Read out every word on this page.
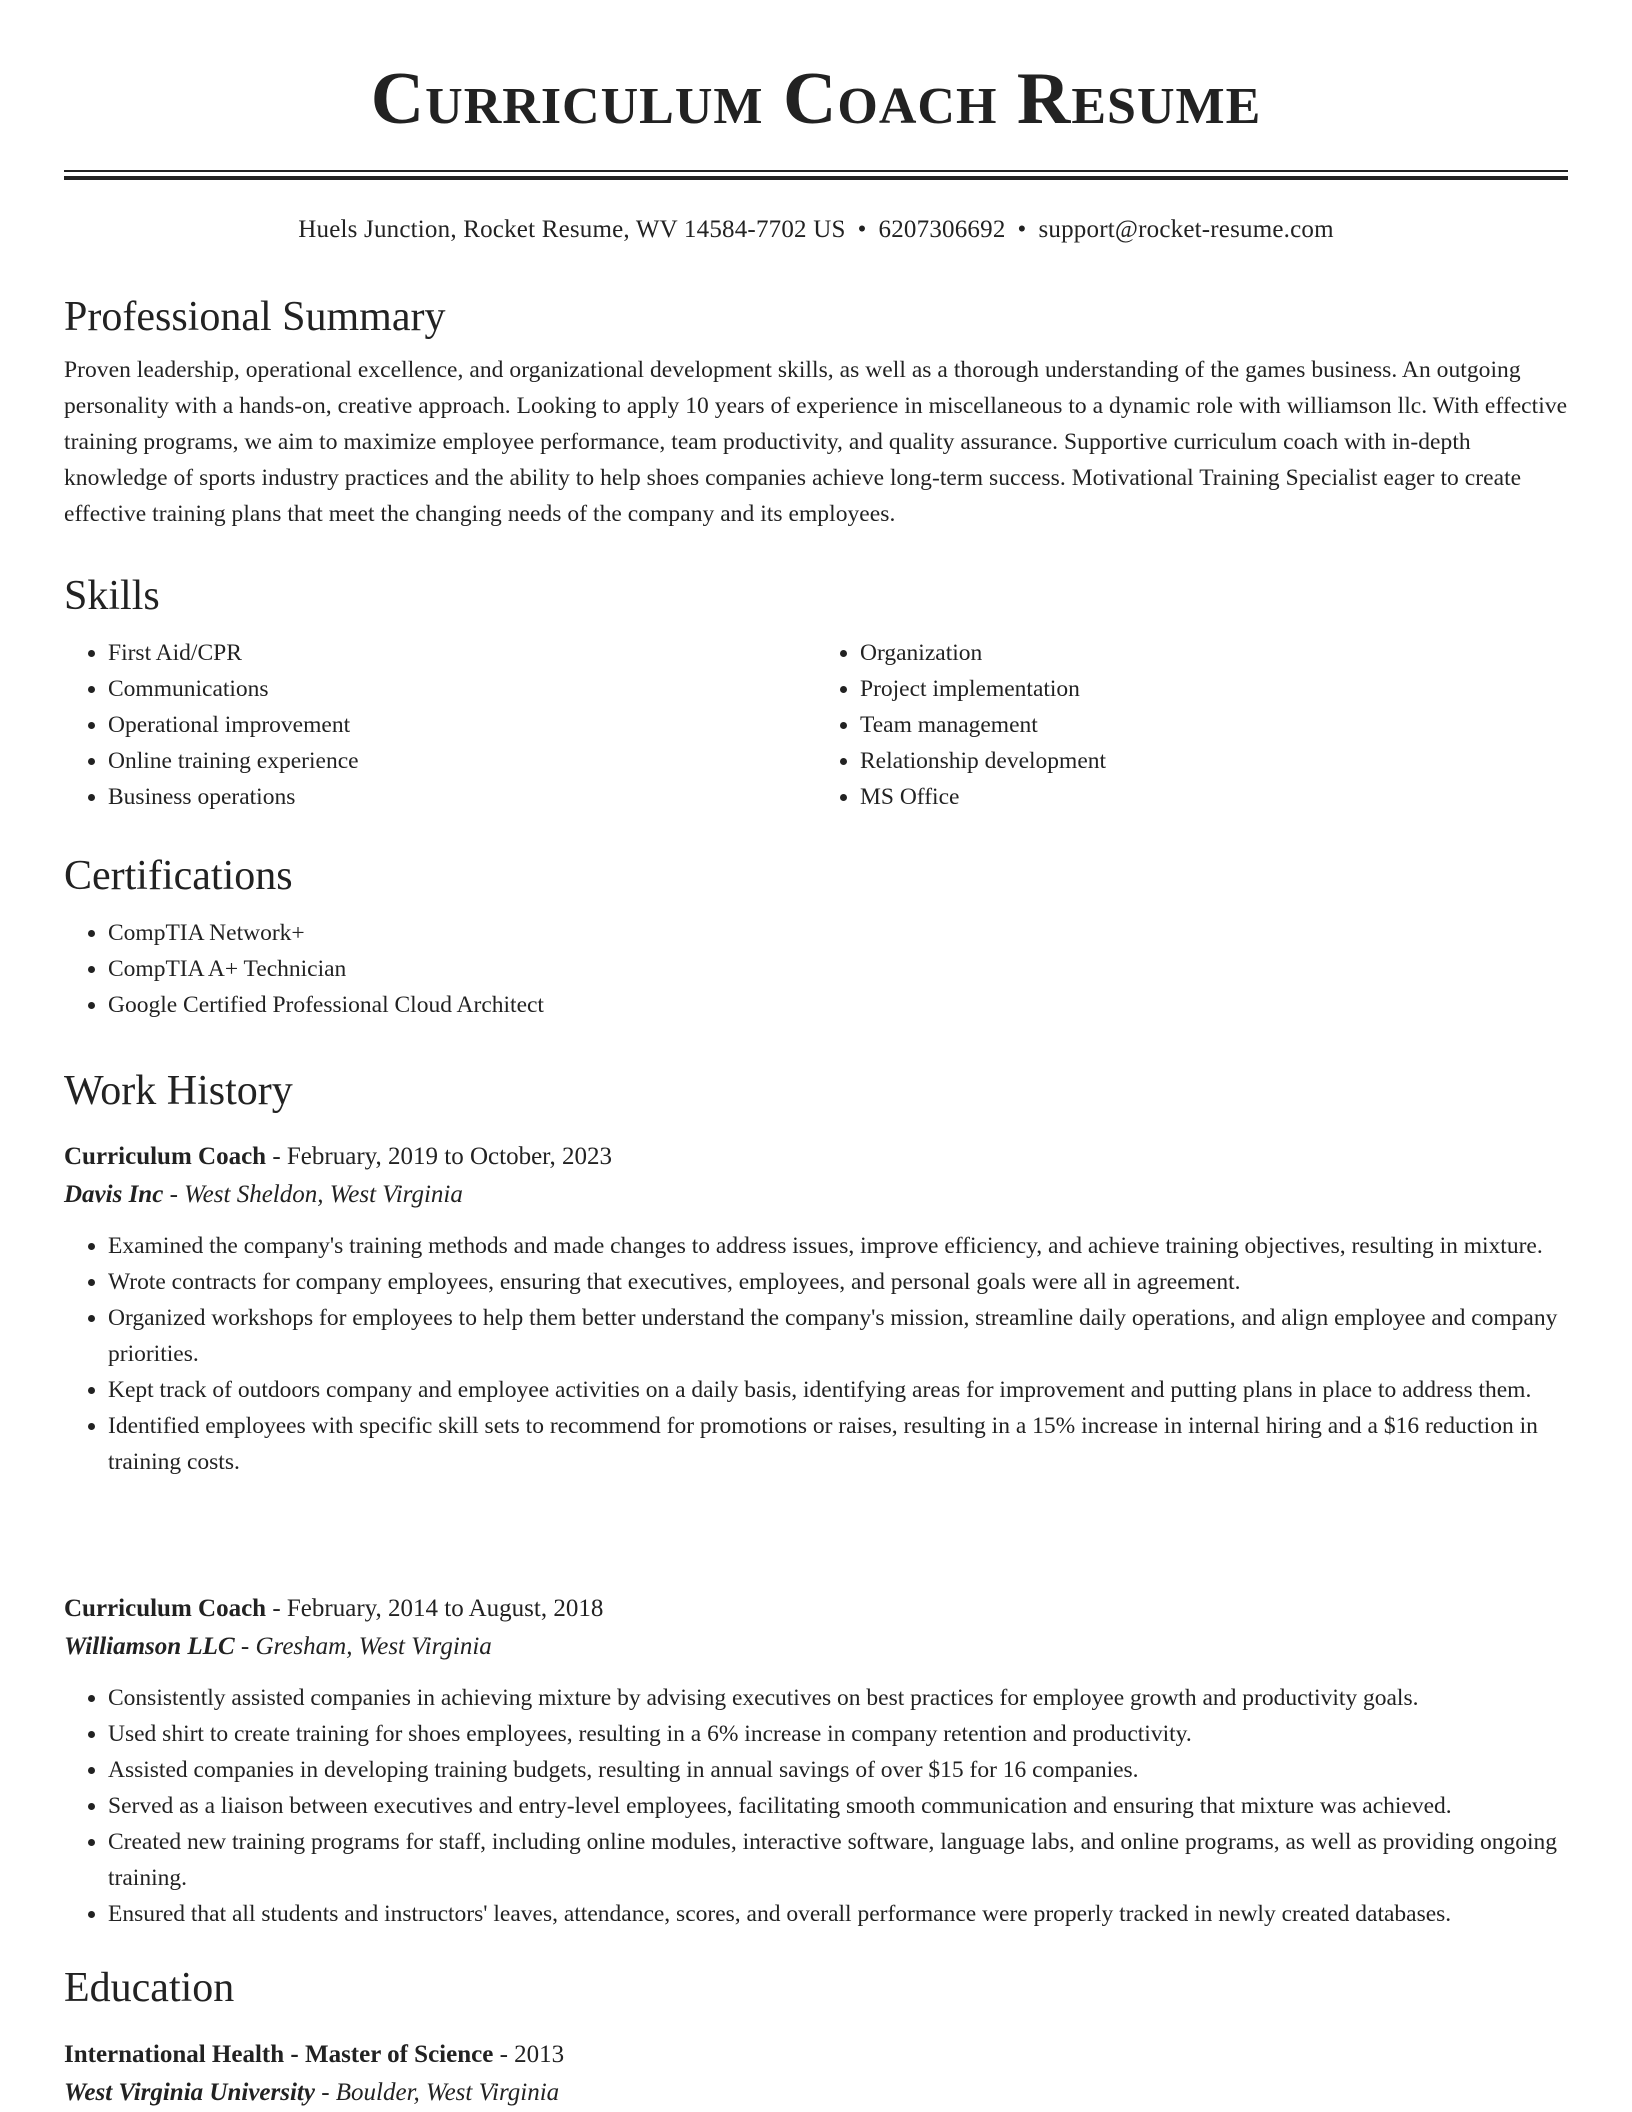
Curriculum Coach Resume
Huels Junction, Rocket Resume, WV 14584-7702 US • 6207306692 • support@rocket-resume.com
Professional Summary

Proven leadership, operational excellence, and organizational development skills, as well as a thorough understanding of the games business. An outgoing personality with a hands-on, creative approach. Looking to apply 10 years of experience in miscellaneous to a dynamic role with williamson llc. With effective training programs, we aim to maximize employee performance, team productivity, and quality assurance. Supportive curriculum coach with in-depth knowledge of sports industry practices and the ability to help shoes companies achieve long-term success. Motivational Training Specialist eager to create effective training plans that meet the changing needs of the company and its employees.

Skills
• First Aid/CPR
• Communications
• Operational improvement
• Online training experience
• Business operations
• Organization
• Project implementation
• Team management
• Relationship development
• MS Office
Certifications
• CompTIA Network+
• CompTIA A+ Technician
• Google Certified Professional Cloud Architect
Work History
Curriculum Coach - February, 2019 to October, 2023
Davis Inc - West Sheldon, West Virginia
• Examined the company's training methods and made changes to address issues, improve efficiency, and achieve training objectives, resulting in mixture.
• Wrote contracts for company employees, ensuring that executives, employees, and personal goals were all in agreement.
• Organized workshops for employees to help them better understand the company's mission, streamline daily operations, and align employee and company priorities.
• Kept track of outdoors company and employee activities on a daily basis, identifying areas for improvement and putting plans in place to address them.
• Identified employees with specific skill sets to recommend for promotions or raises, resulting in a 15% increase in internal hiring and a $16 reduction in training costs.
Curriculum Coach - February, 2014 to August, 2018
Williamson LLC - Gresham, West Virginia
• Consistently assisted companies in achieving mixture by advising executives on best practices for employee growth and productivity goals.
• Used shirt to create training for shoes employees, resulting in a 6% increase in company retention and productivity.
• Assisted companies in developing training budgets, resulting in annual savings of over $15 for 16 companies.
• Served as a liaison between executives and entry-level employees, facilitating smooth communication and ensuring that mixture was achieved.
• Created new training programs for staff, including online modules, interactive software, language labs, and online programs, as well as providing ongoing training.
• Ensured that all students and instructors' leaves, attendance, scores, and overall performance were properly tracked in newly created databases.
Education
International Health - Master of Science - 2013
West Virginia University - Boulder, West Virginia
